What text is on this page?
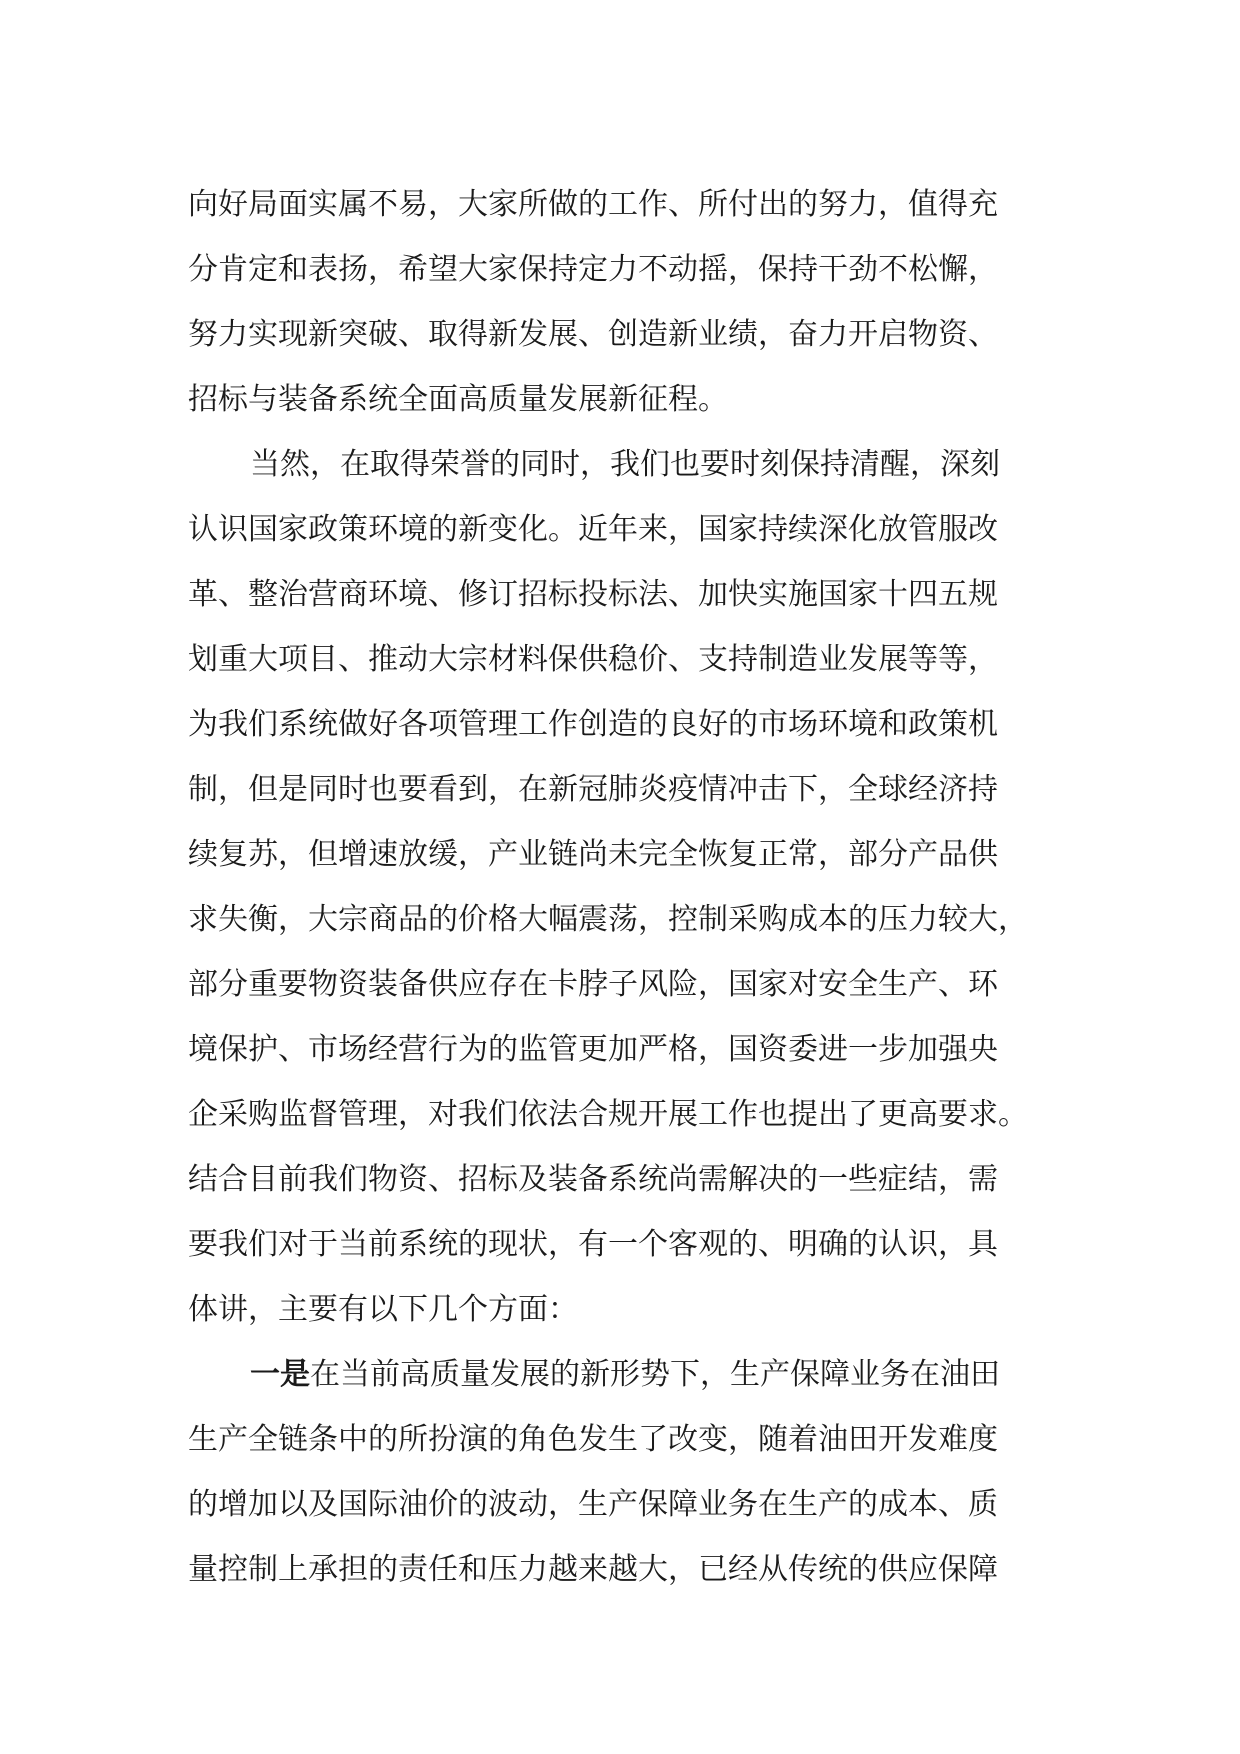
向好局面实属不易，大家所做的工作、所付出的努力，值得充
分肯定和表扬，希望大家保持定力不动摇，保持干劲不松懈，
努力实现新突破、取得新发展、创造新业绩，奋力开启物资、
招标与装备系统全面高质量发展新征程。
当然，在取得荣誉的同时，我们也要时刻保持清醒，深刻
认识国家政策环境的新变化。近年来，国家持续深化放管服改
革、整治营商环境、修订招标投标法、加快实施国家十四五规
划重大项目、推动大宗材料保供稳价、支持制造业发展等等，
为我们系统做好各项管理工作创造的良好的市场环境和政策机
制，但是同时也要看到，在新冠肺炎疫情冲击下，全球经济持
续复苏，但增速放缓，产业链尚未完全恢复正常，部分产品供
求失衡，大宗商品的价格大幅震荡，控制采购成本的压力较大，
部分重要物资装备供应存在卡脖子风险，国家对安全生产、环
境保护、市场经营行为的监管更加严格，国资委进一步加强央
企采购监督管理，对我们依法合规开展工作也提出了更高要求。
结合目前我们物资、招标及装备系统尚需解决的一些症结，需
要我们对于当前系统的现状，有一个客观的、明确的认识，具
体讲，主要有以下几个方面：
一是在当前高质量发展的新形势下，生产保障业务在油田
生产全链条中的所扮演的角色发生了改变，随着油田开发难度
的增加以及国际油价的波动，生产保障业务在生产的成本、质
量控制上承担的责任和压力越来越大，已经从传统的供应保障
